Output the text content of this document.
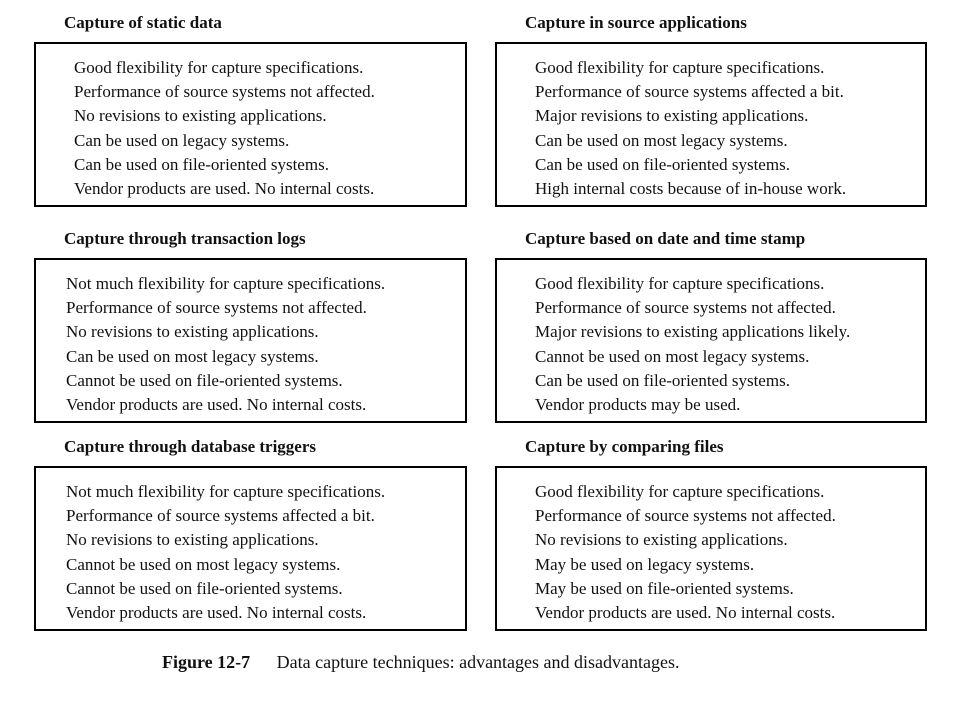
Capture of static data
Good flexibility for capture specifications.
Performance of source systems not affected.
No revisions to existing applications.
Can be used on legacy systems.
Can be used on file-oriented systems.
Vendor products are used. No internal costs.
Capture in source applications
Good flexibility for capture specifications.
Performance of source systems affected a bit.
Major revisions to existing applications.
Can be used on most legacy systems.
Can be used on file-oriented systems.
High internal costs because of in-house work.
Capture through transaction logs
Not much flexibility for capture specifications.
Performance of source systems not affected.
No revisions to existing applications.
Can be used on most legacy systems.
Cannot be used on file-oriented systems.
Vendor products are used. No internal costs.
Capture based on date and time stamp
Good flexibility for capture specifications.
Performance of source systems not affected.
Major revisions to existing applications likely.
Cannot be used on most legacy systems.
Can be used on file-oriented systems.
Vendor products may be used.
Capture through database triggers
Not much flexibility for capture specifications.
Performance of source systems affected a bit.
No revisions to existing applications.
Cannot be used on most legacy systems.
Cannot be used on file-oriented systems.
Vendor products are used. No internal costs.
Capture by comparing files
Good flexibility for capture specifications.
Performance of source systems not affected.
No revisions to existing applications.
May be used on legacy systems.
May be used on file-oriented systems.
Vendor products are used. No internal costs.
Figure 12-7 Data capture techniques: advantages and disadvantages.
